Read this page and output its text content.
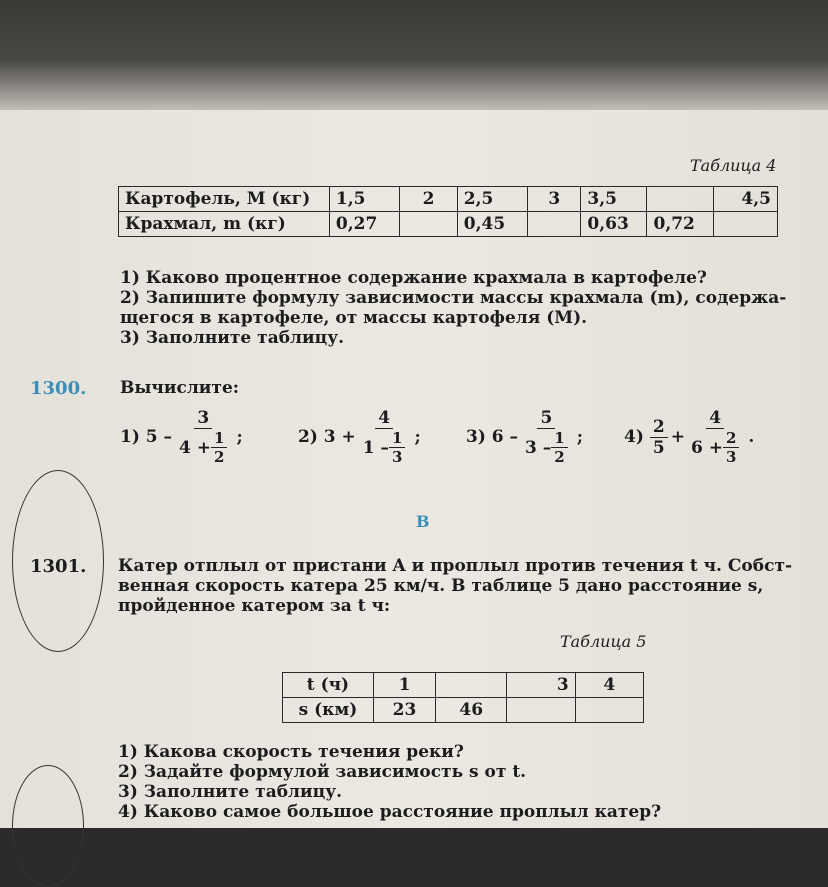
Таблица 4
Картофель, M (кг)	1,5	2	2,5	3	3,5		4,5
Крахмал, m (кг)	0,27		0,45		0,63	0,72	
1) Каково процентное содержание крахмала в картофеле?
2) Запишите формулу зависимости массы крахмала (m), содержа-
щегося в картофеле, от массы картофеля (M).
3) Заполните таблицу.
1300. Вычислите:
1) $5 - \frac{3}{4 + \frac{1}{2}}$ ;	2) $3 + \frac{4}{1 - \frac{1}{3}}$ ;	3) $6 - \frac{5}{3 - \frac{1}{2}}$ ; $4) \frac{2}{5} + \frac{4}{6 + \frac{2}{3}}$ .
B
1301. Катер отплыл от пристани A и проплыл против течения t ч. Собст-
венная скорость катера 25 км/ч. В таблице 5 дано расстояние s,
пройденное катером за t ч:
Таблица 5
t (ч)	1		3	4
s (км)	23	46		
1) Какова скорость течения реки?
2) Задайте формулой зависимость s от t.
3) Заполните таблицу.
4) Каково самое большое расстояние проплыл катер?
